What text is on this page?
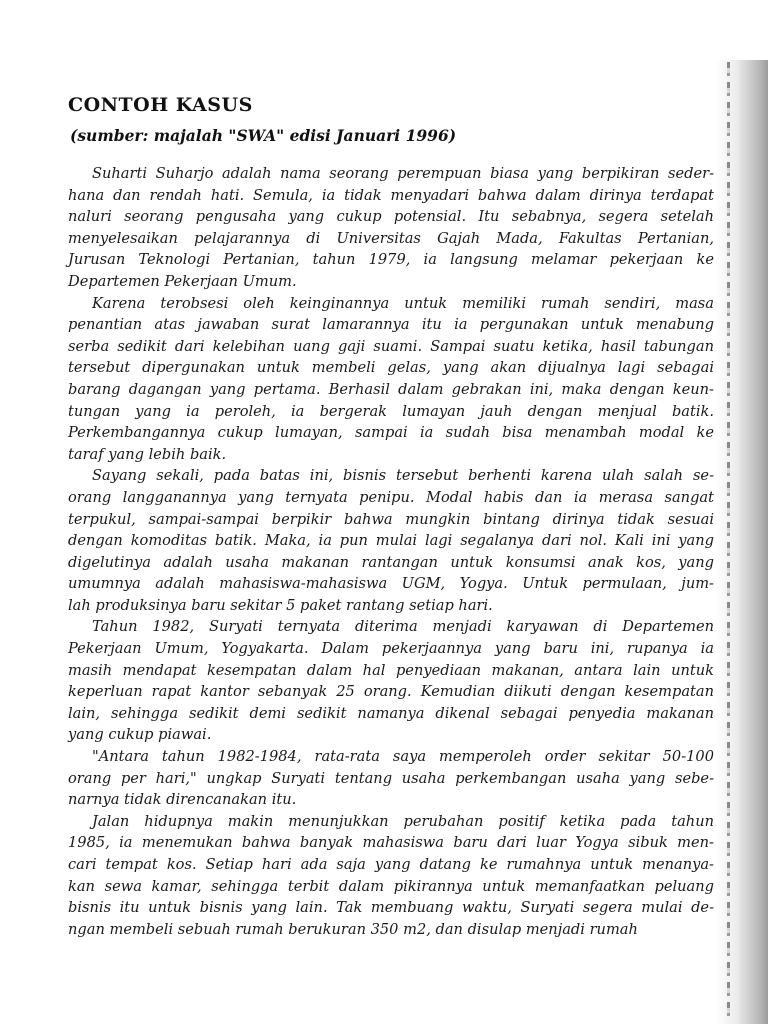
CONTOH KASUS

(sumber: majalah "SWA" edisi Januari 1996)

Suharti Suharjo adalah nama seorang perempuan biasa yang berpikiran seder-
hana dan rendah hati. Semula, ia tidak menyadari bahwa dalam dirinya terdapat
naluri seorang pengusaha yang cukup potensial. Itu sebabnya, segera setelah
menyelesaikan pelajarannya di Universitas Gajah Mada, Fakultas Pertanian,
Jurusan Teknologi Pertanian, tahun 1979, ia langsung melamar pekerjaan ke
Departemen Pekerjaan Umum.

Karena terobsesi oleh keinginannya untuk memiliki rumah sendiri, masa
penantian atas jawaban surat lamarannya itu ia pergunakan untuk menabung
serba sedikit dari kelebihan uang gaji suami. Sampai suatu ketika, hasil tabungan
tersebut dipergunakan untuk membeli gelas, yang akan dijualnya lagi sebagai
barang dagangan yang pertama. Berhasil dalam gebrakan ini, maka dengan keun-
tungan yang ia peroleh, ia bergerak lumayan jauh dengan menjual batik.
Perkembangannya cukup lumayan, sampai ia sudah bisa menambah modal ke
taraf yang lebih baik.

Sayang sekali, pada batas ini, bisnis tersebut berhenti karena ulah salah se-
orang langganannya yang ternyata penipu. Modal habis dan ia merasa sangat
terpukul, sampai-sampai berpikir bahwa mungkin bintang dirinya tidak sesuai
dengan komoditas batik. Maka, ia pun mulai lagi segalanya dari nol. Kali ini yang
digelutinya adalah usaha makanan rantangan untuk konsumsi anak kos, yang
umumnya adalah mahasiswa-mahasiswa UGM, Yogya. Untuk permulaan, jum-
lah produksinya baru sekitar 5 paket rantang setiap hari.

Tahun 1982, Suryati ternyata diterima menjadi karyawan di Departemen
Pekerjaan Umum, Yogyakarta. Dalam pekerjaannya yang baru ini, rupanya ia
masih mendapat kesempatan dalam hal penyediaan makanan, antara lain untuk
keperluan rapat kantor sebanyak 25 orang. Kemudian diikuti dengan kesempatan
lain, sehingga sedikit demi sedikit namanya dikenal sebagai penyedia makanan
yang cukup piawai.

"Antara tahun 1982-1984, rata-rata saya memperoleh order sekitar 50-100
orang per hari," ungkap Suryati tentang usaha perkembangan usaha yang sebe-
narnya tidak direncanakan itu.

Jalan hidupnya makin menunjukkan perubahan positif ketika pada tahun
1985, ia menemukan bahwa banyak mahasiswa baru dari luar Yogya sibuk men-
cari tempat kos. Setiap hari ada saja yang datang ke rumahnya untuk menanya-
kan sewa kamar, sehingga terbit dalam pikirannya untuk memanfaatkan peluang
bisnis itu untuk bisnis yang lain. Tak membuang waktu, Suryati segera mulai de-
ngan membeli sebuah rumah berukuran 350 m2, dan disulap menjadi rumah
